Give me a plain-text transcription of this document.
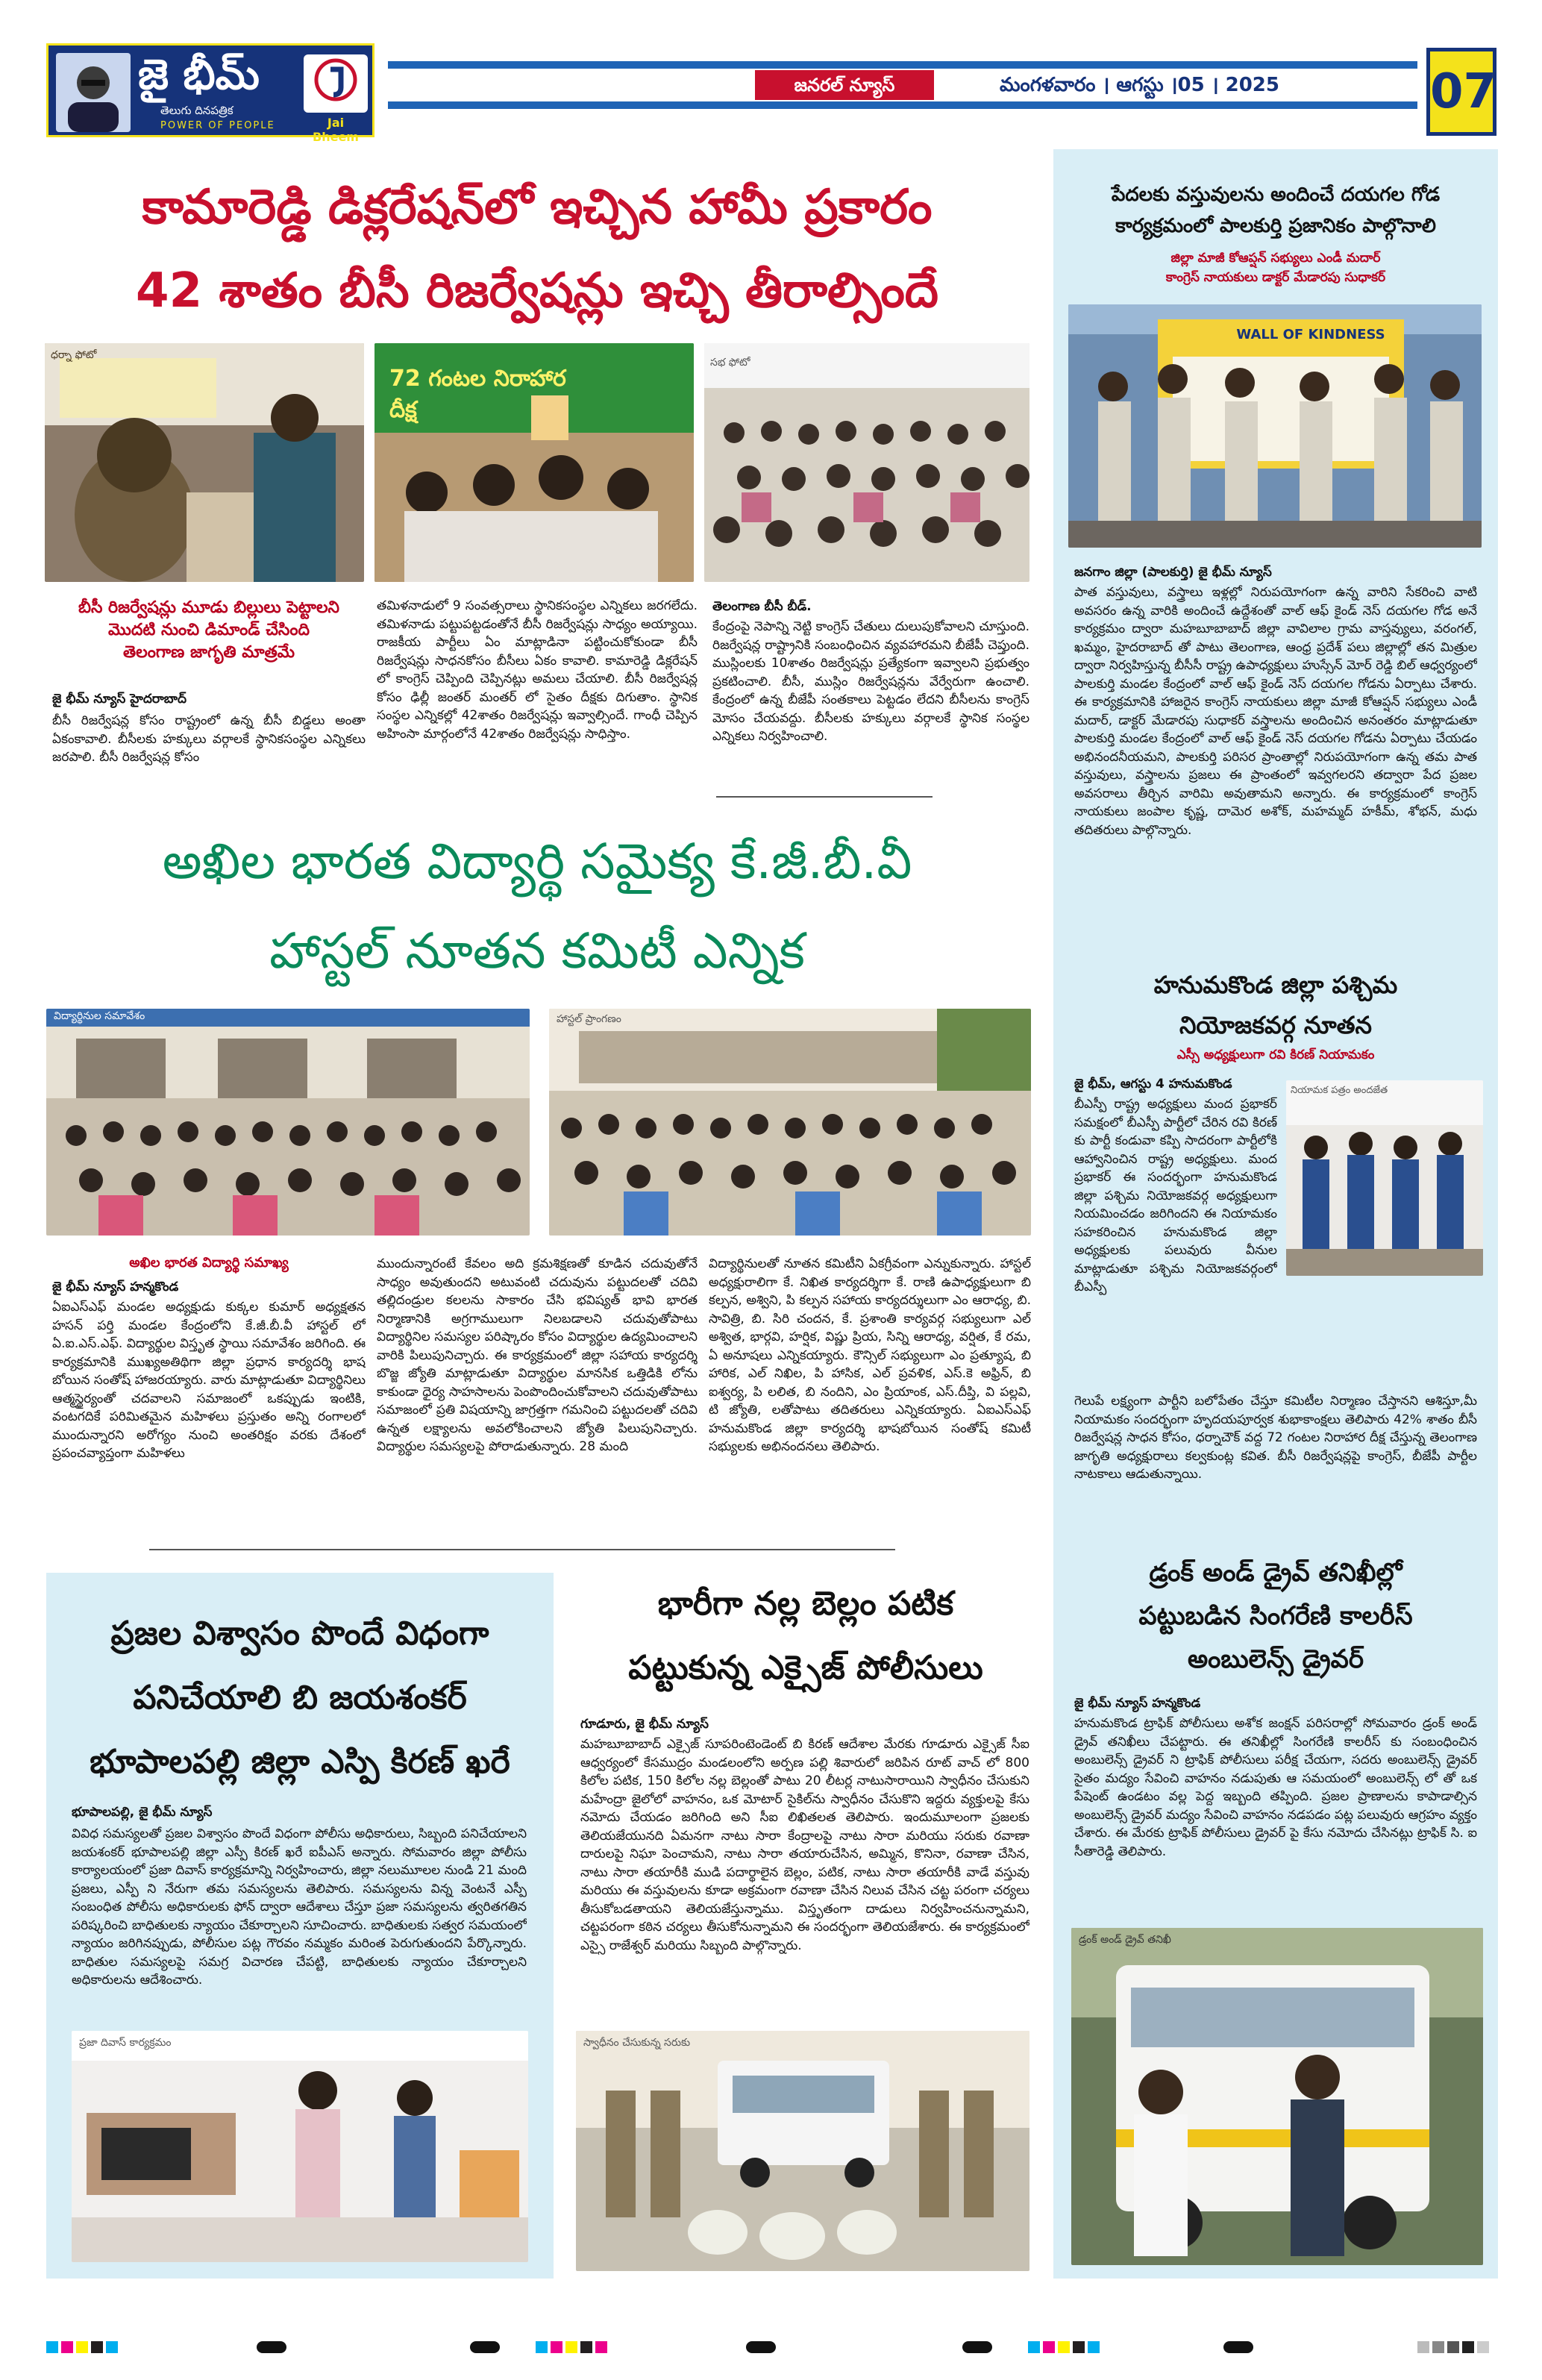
జై భీమ్
తెలుగు దినపత్రిక
POWER OF PEOPLE	Jai Bheem
జనరల్ న్యూస్	మంగళవారం । ఆగస్టు ।05 । 2025	07
కామారెడ్డి డిక్లరేషన్‌లో ఇచ్చిన హామీ ప్రకారం
42 శాతం బీసీ రిజర్వేషన్లు ఇచ్చి తీరాల్సిందే
ధర్నా ఫోటో
72 గంటల నిరాహార దీక్ష
సభ ఫోటో
బీసీ రిజర్వేషన్లు మూడు బిల్లులు పెట్టాలని మొదటి నుంచి డిమాండ్ చేసింది తెలంగాణ జాగృతి మాత్రమే
జై భీమ్ న్యూస్ హైదరాబాద్
బీసీ రిజర్వేషన్ల కోసం రాష్ట్రంలో ఉన్న బీసీ బిడ్డలు అంతా ఏకంకావాలి. బీసీలకు హక్కులు వర్గాలకే స్థానికసంస్థల ఎన్నికలు జరపాలి. బీసీ రిజర్వేషన్ల కోసం
తమిళనాడులో 9 సంవత్సరాలు స్థానికసంస్థల ఎన్నికలు జరగలేదు. తమిళనాడు పట్టుపట్టడంతోనే బీసీ రిజర్వేషన్లు సాధ్యం అయ్యాయి. రాజకీయ పార్టీలు ఏం మాట్లాడినా పట్టించుకోకుండా బీసీ రిజర్వేషన్లు సాధనకోసం బీసీలు ఏకం కావాలి. కామారెడ్డి డిక్లరేషన్ లో కాంగ్రెస్ చెప్పింది చెప్పినట్లు అమలు చేయాలి. బీసీ రిజర్వేషన్ల కోసం ఢిల్లీ జంతర్ మంతర్ లో సైతం దీక్షకు దిగుతాం. స్థానిక సంస్థల ఎన్నికల్లో 42శాతం రిజర్వేషన్లు ఇవ్వాల్సిందే. గాంధీ చెప్పిన అహింసా మార్గంలోనే 42శాతం రిజర్వేషన్లు సాధిస్తాం.
తెలంగాణ బీసీ బీడ్.
కేంద్రంపై నెపాన్ని నెట్టి కాంగ్రెస్ చేతులు దులుపుకోవాలని చూస్తుంది. రిజర్వేషన్ల రాష్ట్రానికి సంబంధించిన వ్యవహారమని బీజేపీ చెప్తుంది. ముస్లింలకు 10శాతం రిజర్వేషన్లు ప్రత్యేకంగా ఇవ్వాలని ప్రభుత్వం ప్రకటించాలి. బీసీ, ముస్లిం రిజర్వేషన్లను వేర్వేరుగా ఉంచాలి. కేంద్రంలో ఉన్న బీజేపీ సంతకాలు పెట్టడం లేదని బీసీలను కాంగ్రెస్ మోసం చేయవద్దు. బీసీలకు హక్కులు వర్గాలకే స్థానిక సంస్థల ఎన్నికలు నిర్వహించాలి.
అఖిల భారత విద్యార్థి సమైక్య కే.జీ.బీ.వీ
హాస్టల్ నూతన కమిటీ ఎన్నిక
విద్యార్థినుల సమావేశం	హాస్టల్ ప్రాంగణం
అఖిల భారత విద్యార్థి సమాఖ్య
జై భీమ్ న్యూస్ హన్మకొండ
ఏఐఎస్ఎఫ్ మండల అధ్యక్షుడు కుక్కల కుమార్ అధ్యక్షతన హసన్ పర్తి మండల కేంద్రంలోని కే.జీ.బీ.వీ హాస్టల్ లో ఏ.ఐ.ఎస్.ఎఫ్. విద్యార్థుల విస్తృత స్థాయి సమావేశం జరిగింది. ఈ కార్యక్రమానికి ముఖ్యఅతిథిగా జిల్లా ప్రధాన కార్యదర్శి భాష బోయిన సంతోష్ హాజరయ్యారు. వారు మాట్లాడుతూ విద్యార్థినిలు ఆత్మస్థైర్యంతో చదవాలని సమాజంలో ఒకప్పుడు ఇంటికి, వంటగదికే పరిమితమైన మహిళలు ప్రస్తుతం అన్ని రంగాలలో ముందున్నారని అరోగ్యం నుంచి అంతరిక్షం వరకు దేశంలో ప్రపంచవ్యాప్తంగా మహిళలు
ముందున్నారంటే కేవలం అది క్రమశిక్షణతో కూడిన చదువుతోనే సాధ్యం అవుతుందని అటువంటి చదువును పట్టుదలతో చదివి తల్లిదండ్రుల కలలను సాకారం చేసి భవిష్యత్ భావి భారత నిర్మాణానికి అగ్రగాములుగా నిలబడాలని చదువుతోపాటు విద్యార్థినిల సమస్యల పరిష్కారం కోసం విద్యార్థుల ఉద్యమించాలని వారికి పిలుపునిచ్చారు. ఈ కార్యక్రమంలో జిల్లా సహాయ కార్యదర్శి బొజ్జ జ్యోతి మాట్లాడుతూ విద్యార్థుల మానసిక ఒత్తిడికి లోను కాకుండా ధైర్య సాహసాలను పెంపొందించుకోవాలని చదువుతోపాటు సమాజంలో ప్రతి విషయాన్ని జాగ్రత్తగా గమనించి పట్టుదలతో చదివి ఉన్నత లక్ష్యాలను అవలోకించాలని జ్యోతి పిలుపునిచ్చారు. విద్యార్థుల సమస్యలపై పోరాడుతున్నారు. 28 మంది
విద్యార్థినులతో నూతన కమిటీని ఏకగ్రీవంగా ఎన్నుకున్నారు. హాస్టల్ అధ్యక్షురాలిగా కే. నిఖిత కార్యదర్శిగా కే. రాణి ఉపాధ్యక్షులుగా బి కల్పన, అశ్విని, పి కల్పన సహాయ కార్యదర్శులుగా ఎం ఆరాధ్య, బి. సావిత్రి, బి. సిరి చందన, కే. ప్రశాంతి కార్యవర్గ సభ్యులుగా ఎల్ అశ్విత, భార్గవి, హర్షిక, విష్ణు ప్రియ, సిన్ని ఆరాధ్య, వర్షిత, కే రమ, ఏ అనూషలు ఎన్నికయ్యారు. కౌన్సిల్ సభ్యులుగా ఎం ప్రత్యూష, బి హారిక, ఎల్ నిఖిల, పి హాసిక, ఎల్ ప్రవళిక, ఎస్.కె అఫ్రిన్, బి ఐశ్వర్య, పి లలిత, బి నందిని, ఎం ప్రియాంక, ఎస్.దీప్తి, వి పల్లవి, టి జ్యోతి, లతోపాటు తదితరులు ఎన్నికయ్యారు. ఏఐఎస్ఎఫ్ హనుమకొండ జిల్లా కార్యదర్శి భాషబోయిన సంతోష్ కమిటీ సభ్యులకు అభినందనలు తెలిపారు.
ప్రజల విశ్వాసం పొందే విధంగా
పనిచేయాలి బి జయశంకర్
భూపాలపల్లి జిల్లా ఎస్పి కిరణ్ ఖరే
భూపాలపల్లి, జై భీమ్ న్యూస్
వివిధ సమస్యలతో ప్రజల విశ్వాసం పొందే విధంగా పోలీసు అధికారులు, సిబ్బంది పనిచేయాలని జయశంకర్ భూపాలపల్లి జిల్లా ఎస్పీ కిరణ్ ఖరే ఐపీఎస్ అన్నారు. సోమవారం జిల్లా పోలీసు కార్యాలయంలో ప్రజా దివాస్ కార్యక్రమాన్ని నిర్వహించారు, జిల్లా నలుమూలల నుండి 21 మంది ప్రజలు, ఎస్పీ ని నేరుగా తమ సమస్యలను తెలిపారు. సమస్యలను విన్న వెంటనే ఎస్పీ సంబంధిత పోలీసు అధికారులకు ఫోన్ ద్వారా ఆదేశాలు చేస్తూ ప్రజా సమస్యలను త్వరితగతిన పరిష్కరించి బాధితులకు న్యాయం చేకూర్చాలని సూచించారు. బాధితులకు సత్వర సమయంలో న్యాయం జరిగినప్పుడు, పోలీసుల పట్ల గౌరవం నమ్మకం మరింత పెరుగుతుందని పేర్కొన్నారు. బాధితుల సమస్యలపై సమగ్ర విచారణ చేపట్టి, బాధితులకు న్యాయం చేకూర్చాలని అధికారులను ఆదేశించారు.
ప్రజా దివాస్ కార్యక్రమం
భారీగా నల్ల బెల్లం పటిక
పట్టుకున్న ఎక్సైజ్ పోలీసులు
గూడూరు, జై భీమ్ న్యూస్
మహబూబాబాద్ ఎక్సైజ్ సూపరింటెండెంట్ బి కిరణ్ ఆదేశాల మేరకు గూడూరు ఎక్సైజ్ సీఐ ఆధ్వర్యంలో కేసముద్రం మండలంలోని అర్పణ పల్లి శివారులో జరిపిన రూట్ వాచ్ లో 800 కిలోల పటిక, 150 కిలోల నల్ల బెల్లంతో పాటు 20 లీటర్ల నాటుసారాయిని స్వాధీనం చేసుకుని మహేంద్రా జైలోలో వాహనం, ఒక మోటార్ సైకిల్‌ను స్వాధీనం చేసుకొని ఇద్దరు వ్యక్తులపై కేసు నమోదు చేయడం జరిగింది అని సీఐ లిఖితలత తెలిపారు. ఇందుమూలంగా ప్రజలకు తెలియజేయునది ఏమనగా నాటు సారా కేంద్రాలపై నాటు సారా మరియు సరుకు రవాణా దారులపై నిఘా పెంచామని, నాటు సారా తయారుచేసిన, అమ్మిన, కొనినా, రవాణా చేసిన, నాటు సారా తయారీకి ముడి పదార్థాలైన బెల్లం, పటిక, నాటు సారా తయారీకి వాడే వస్తువు మరియు ఈ వస్తువులను కూడా అక్రమంగా రవాణా చేసిన నిలువ చేసిన చట్ట పరంగా చర్యలు తీసుకోబడతాయని తెలియజేస్తున్నాము. విస్తృతంగా దాడులు నిర్వహించనున్నామని, చట్టపరంగా కఠిన చర్యలు తీసుకోనున్నామని ఈ సందర్భంగా తెలియజేశారు. ఈ కార్యక్రమంలో ఎస్సై రాజేశ్వర్ మరియు సిబ్బంది పాల్గొన్నారు.
స్వాధీనం చేసుకున్న సరుకు
పేదలకు వస్తువులను అందించే దయగల గోడ కార్యక్రమంలో పాలకుర్తి ప్రజానికం పాల్గొనాలి
జిల్లా మాజీ కోఆప్షన్ సభ్యులు ఎండీ మదార్
కాంగ్రెస్ నాయకులు డాక్టర్ మేడారపు సుధాకర్
WALL OF KINDNESS
జనగాం జిల్లా (పాలకుర్తి) జై భీమ్ న్యూస్
పాత వస్తువులు, వస్త్రాలు ఇళ్లల్లో నిరుపయోగంగా ఉన్న వారిని సేకరించి వాటి అవసరం ఉన్న వారికి అందించే ఉద్దేశంతో వాల్ ఆఫ్ కైండ్ నెస్ దయగల గోడ అనే కార్యక్రమం ద్వారా మహబూబాబాద్ జిల్లా వావిలాల గ్రామ వాస్తవ్యులు, వరంగల్, ఖమ్మం, హైదరాబాద్ తో పాటు తెలంగాణ, ఆంధ్ర ప్రదేశ్ పలు జిల్లాల్లో తన మిత్రుల ద్వారా నిర్వహిస్తున్న బీసీసీ రాష్ట్ర ఉపాధ్యక్షులు హుస్సేన్ మోర్ రెడ్డి బిల్ ఆధ్వర్యంలో పాలకుర్తి మండల కేంద్రంలో వాల్ ఆఫ్ కైండ్ నెస్ దయగల గోడను ఏర్పాటు చేశారు. ఈ కార్యక్రమానికి హాజరైన కాంగ్రెస్ నాయకులు జిల్లా మాజీ కోఆప్షన్ సభ్యులు ఎండీ మదార్, డాక్టర్ మేడారపు సుధాకర్ వస్త్రాలను అందించిన అనంతరం మాట్లాడుతూ పాలకుర్తి మండల కేంద్రంలో వాల్ ఆఫ్ కైండ్ నెస్ దయగల గోడను ఏర్పాటు చేయడం అభినందనీయమని, పాలకుర్తి పరిసర ప్రాంతాల్లో నిరుపయోగంగా ఉన్న తమ పాత వస్తువులు, వస్త్రాలను ప్రజలు ఈ ప్రాంతంలో ఇవ్వగలరని తద్వారా పేద ప్రజల అవసరాలు తీర్చిన వారిమి అవుతామని అన్నారు. ఈ కార్యక్రమంలో కాంగ్రెస్ నాయకులు జంపాల కృష్ణ, దామెర అశోక్, మహమ్మద్ హకీమ్, శోభన్, మధు తదితరులు పాల్గొన్నారు.
హనుమకొండ జిల్లా పశ్చిమ
నియోజకవర్గ నూతన
ఎస్సీ అధ్యక్షులుగా రవి కిరణ్ నియామకం
జై భీమ్, ఆగస్టు 4 హనుమకొండ
బీఎస్పీ రాష్ట్ర అధ్యక్షులు మంద ప్రభాకర్ సమక్షంలో బీఎస్పీ పార్టీలో చేరిన రవి కిరణ్ కు పార్టీ కండువా కప్పి సాదరంగా పార్టీలోకి ఆహ్వానించిన రాష్ట్ర అధ్యక్షులు. మంద ప్రభాకర్ ఈ సందర్భంగా హనుమకొండ జిల్లా పశ్చిమ నియోజకవర్గ అధ్యక్షులుగా నియమించడం జరిగిందని ఈ నియామకం సహకరించిన హనుమకొండ జిల్లా అధ్యక్షులకు పలువురు వీనుల మాట్లాడుతూ పశ్చిమ నియోజకవర్గంలో బీఎస్పీ
నియామక పత్రం అందజేత
గెలుపే లక్ష్యంగా పార్టీని బలోపేతం చేస్తూ కమిటీల నిర్మాణం చేస్తానని ఆశిస్తూ,మీ నియామకం సందర్భంగా హృదయపూర్వక శుభాకాంక్షలు తెలిపారు 42% శాతం బీసీ రిజర్వేషన్ల సాధన కోసం, ధర్నాచౌక్ వద్ద 72 గంటల నిరాహార దీక్ష చేస్తున్న తెలంగాణ జాగృతి అధ్యక్షురాలు కల్వకుంట్ల కవిత. బీసీ రిజర్వేషన్లపై కాంగ్రెస్, బీజేపీ పార్టీల నాటకాలు ఆడుతున్నాయి.
డ్రంక్ అండ్ డ్రైవ్ తనిఖీల్లో
పట్టుబడిన సింగరేణి కాలరీస్
అంబులెన్స్ డ్రైవర్
జై భీమ్ న్యూస్ హన్మకొండ
హనుమకొండ ట్రాఫిక్ పోలీసులు అశోక జంక్షన్ పరిసరాల్లో సోమవారం డ్రంక్ అండ్ డ్రైవ్ తనిఖీలు చేపట్టారు. ఈ తనిఖీల్లో సింగరేణి కాలరీస్ కు సంబంధించిన అంబులెన్స్ డ్రైవర్ ని ట్రాఫిక్ పోలీసులు పరీక్ష చేయగా, సదరు అంబులెన్స్ డ్రైవర్ సైతం మద్యం సేవించి వాహనం నడుపుతు ఆ సమయంలో అంబులెన్స్ లో తో ఒక పేషెంట్ ఉండటం వల్ల పెద్ద ఇబ్బంది తప్పింది. ప్రజల ప్రాణాలను కాపాడాల్సిన అంబులెన్స్ డ్రైవర్ మద్యం సేవించి వాహనం నడపడం పట్ల పలువురు ఆగ్రహం వ్యక్తం చేశారు. ఈ మేరకు ట్రాఫిక్ పోలీసులు డ్రైవర్ పై కేసు నమోదు చేసినట్లు ట్రాఫిక్ సి. ఐ సీతారెడ్డి తెలిపారు.
డ్రంక్ అండ్ డ్రైవ్ తనిఖీ
